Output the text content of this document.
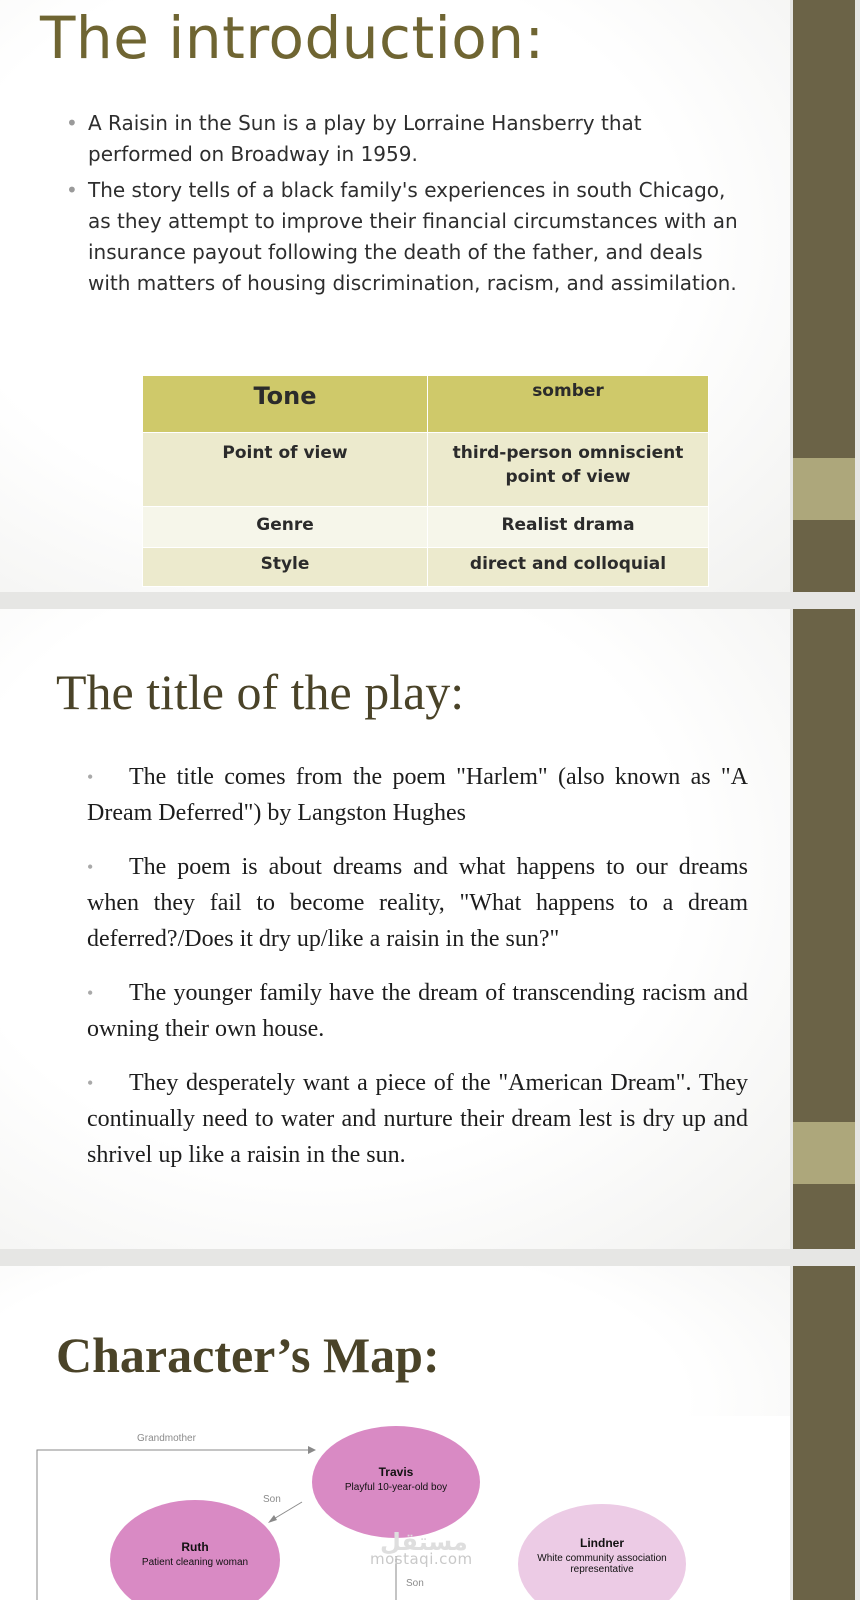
The introduction:
• A Raisin in the Sun is a play by Lorraine Hansberry that performed on Broadway in 1959.
• The story tells of a black family's experiences in south Chicago, as they attempt to improve their financial circumstances with an insurance payout following the death of the father, and deals with matters of housing discrimination, racism, and assimilation.
Tone	somber
Point of view	third-person omniscient point of view
Genre	Realist drama
Style	direct and colloquial
The title of the play:

• The title comes from the poem "Harlem" (also known as "A Dream Deferred") by Langston Hughes

• The poem is about dreams and what happens to our dreams when they fail to become reality, "What happens to a dream deferred?/Does it dry up/like a raisin in the sun?"

• The younger family have the dream of transcending racism and owning their own house.

• They desperately want a piece of the "American Dream". They continually need to water and nurture their dream lest is dry up and shrivel up like a raisin in the sun.

Character’s Map:
Grandmother
Son
Son
Travis
Playful 10-year-old boy
Ruth
Patient cleaning woman
Lindner
White community association representative
مستقل
mostaqi.com
